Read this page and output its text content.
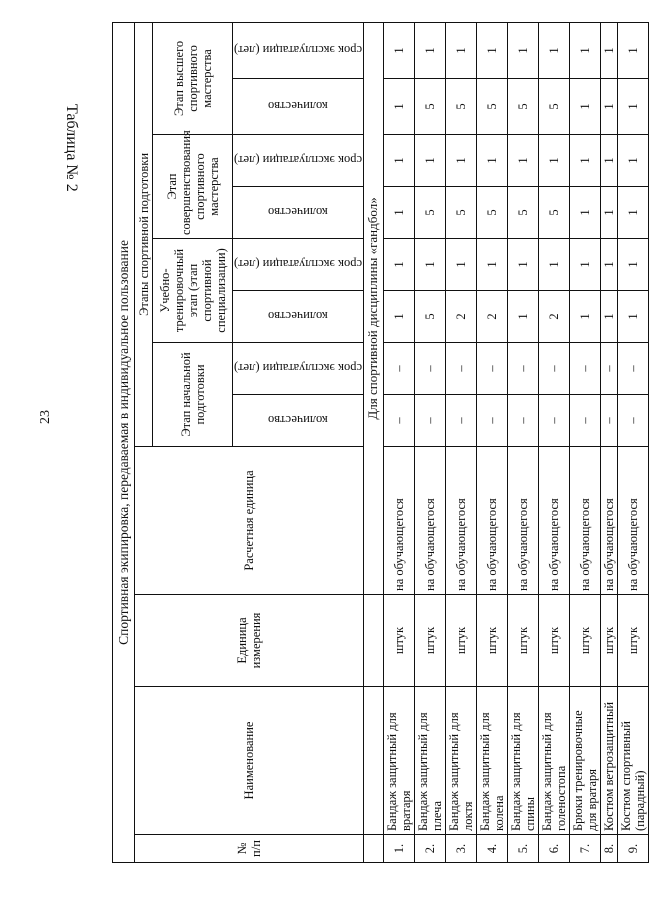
23
Таблица № 2
Спортивная экипировка, передаваемая в индивидуальное пользование											
№ п/п	Наименование	Единица измерения	Расчетная единица	Этапы спортивной подготовки							
				Этап начальной подготовки		Учебно-тренировочный этап (этап спортивной специализации)		Этап совершенствования спортивного мастерства		Этап высшего спортивного мастерства	

				количество	срок эксплуатации (лет)	количество	срок эксплуатации (лет)	количество	срок эксплуатации (лет)	количество	срок эксплуатации (лет)

			Для спортивной дисциплины «гандбол»								
1.	Бандаж защитный для вратаря	штук	на обучающегося	–	–	1	1	1	1	1	1
2.	Бандаж защитный для плеча	штук	на обучающегося	–	–	5	1	5	1	5	1
3.	Бандаж защитный для локтя	штук	на обучающегося	–	–	2	1	5	1	5	1
4.	Бандаж защитный для колена	штук	на обучающегося	–	–	2	1	5	1	5	1
5.	Бандаж защитный для спины	штук	на обучающегося	–	–	1	1	5	1	5	1
6.	Бандаж защитный для голеностопа	штук	на обучающегося	–	–	2	1	5	1	5	1
7.	Брюки тренировочные для вратаря	штук	на обучающегося	–	–	1	1	1	1	1	1
8.	Костюм ветрозащитный	штук	на обучающегося	–	–	1	1	1	1	1	1
9.	Костюм спортивный (парадный)	штук	на обучающегося	–	–	1	1	1	1	1	1
